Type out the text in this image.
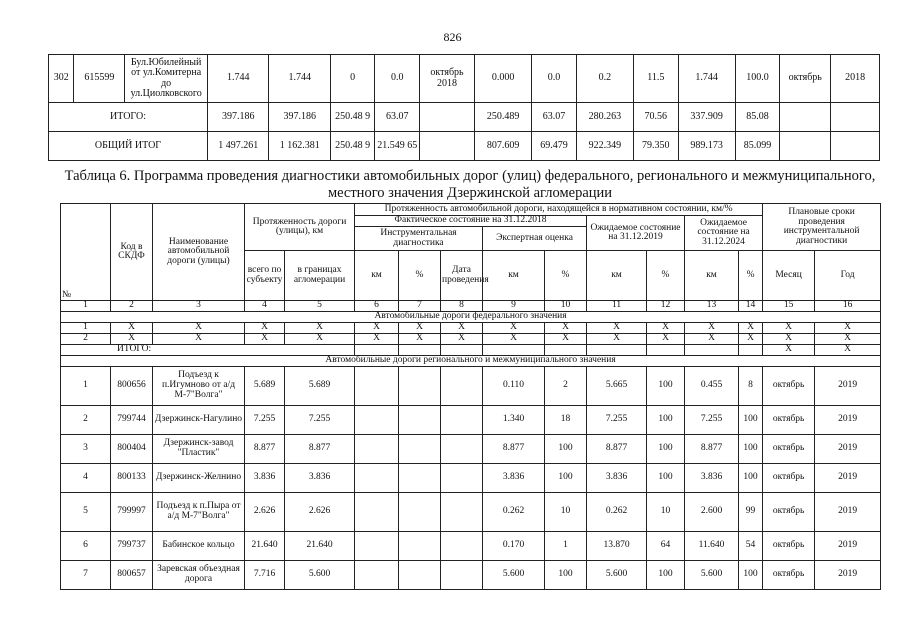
826
302	615599	Бул.Юбилейный от ул.Комитерна до ул.Циолковского	1.744	1.744	0	0.0	октябрь 2018	0.000	0.0	0.2	11.5	1.744	100.0	октябрь	2018
ИТОГО:			397.186	397.186	250.48 9	63.07		250.489	63.07	280.263	70.56	337.909	85.08		
ОБЩИЙ ИТОГ			1 497.261	1 162.381	250.48 9	21.549 65		807.609	69.479	922.349	79.350	989.173	85.099		
Таблица 6. Программа проведения диагностики автомобильных дорог (улиц) федерального, регионального и межмуниципального, местного значения Дзержинской агломерации
№	Код в СКДФ	Наименование автомобильной дороги (улицы)	Протяженность дороги (улицы), км		Протяженность автомобильной дороги, находящейся в нормативном состоянии, км/%									Плановые сроки проведения инструментальной диагностики	
					Фактическое состояние на 31.12.2018					Ожидаемое состояние на 31.12.2019		Ожидаемое состояние на 31.12.2024			
					Инструментальная диагностика			Экспертная оценка							
			всего по субъекту	в границах агломерации	км	%	Дата проведения	км	%	км	%	км	%	Месяц	Год
1	2	3	4	5	6	7	8	9	10	11	12	13	14	15	16
Автомобильные дороги федерального значения															
1	X	X	X	X	X	X	X	X	X	X	X	X	X	X	X
2	X	X	X	X	X	X	X	X	X	X	X	X	X	X	X
ИТОГО:														X	X
Автомобильные дороги регионального и межмуниципального значения															
1	800656	Подъезд к п.Игумново от а/д М-7"Волга"	5.689	5.689				0.110	2	5.665	100	0.455	8	октябрь	2019
2	799744	Дзержинск-Нагулино	7.255	7.255				1.340	18	7.255	100	7.255	100	октябрь	2019
3	800404	Дзержинск-завод "Пластик"	8.877	8.877				8.877	100	8.877	100	8.877	100	октябрь	2019
4	800133	Дзержинск-Желнино	3.836	3.836				3.836	100	3.836	100	3.836	100	октябрь	2019
5	799997	Подъезд к п.Пыра от а/д М-7"Волга"	2.626	2.626				0.262	10	0.262	10	2.600	99	октябрь	2019
6	799737	Бабинское кольцо	21.640	21.640				0.170	1	13.870	64	11.640	54	октябрь	2019
7	800657	Заревская объездная дорога	7.716	5.600				5.600	100	5.600	100	5.600	100	октябрь	2019
